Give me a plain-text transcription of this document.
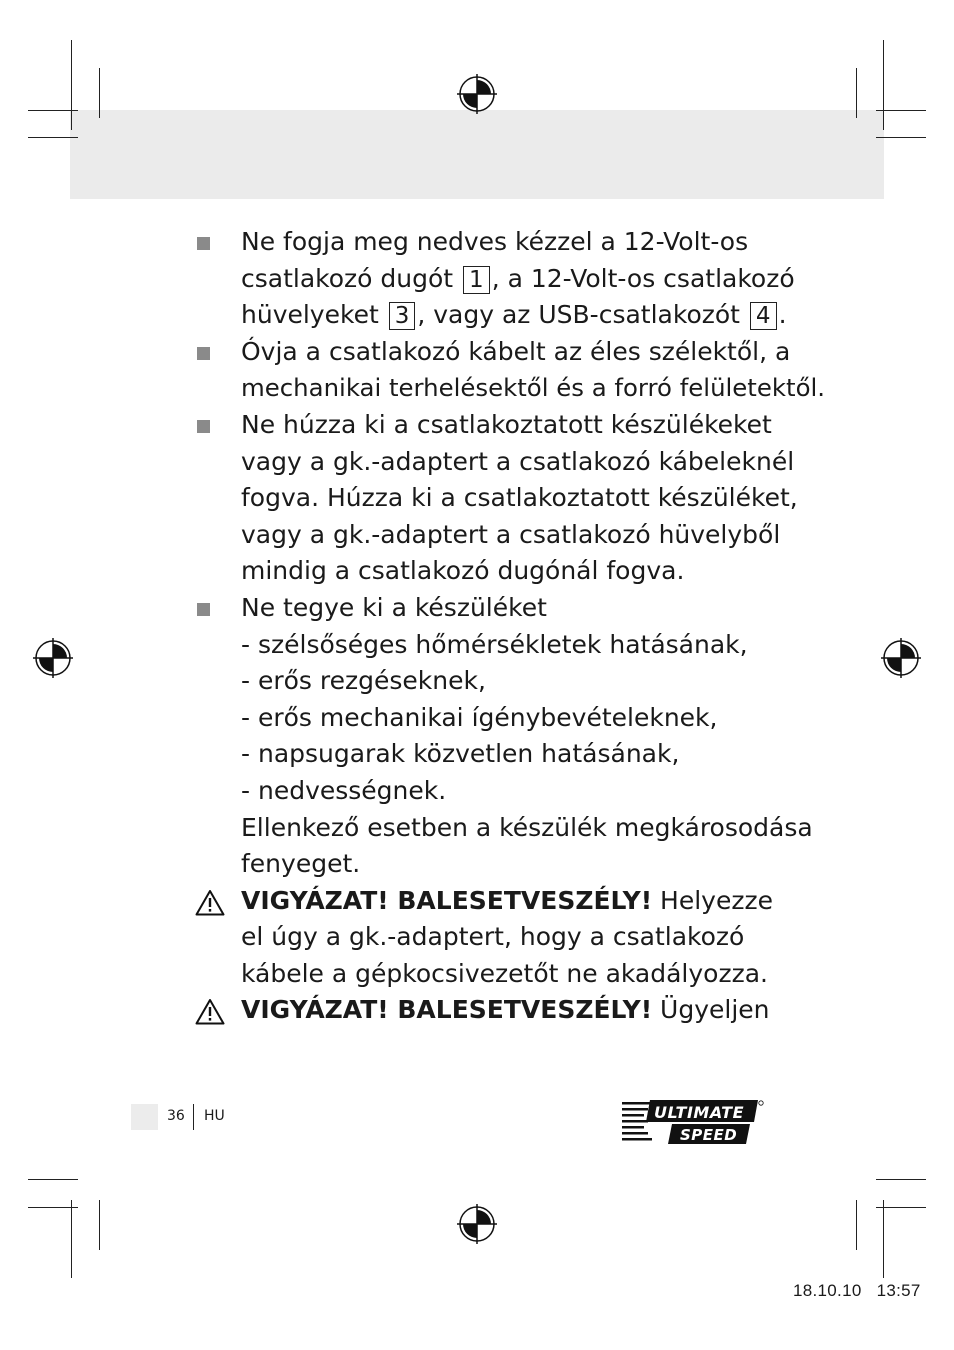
Ne fogja meg nedves kézzel a 12-Volt-os
csatlakozó dugót 1 , a 12-Volt-os csatlakozó
hüvelyeket 3 , vagy az USB-csatlakozót 4 .
Óvja a csatlakozó kábelt az éles szélektől, a
mechanikai terhelésektől és a forró felületektől.
Ne húzza ki a csatlakoztatott készülékeket
vagy a gk.-adaptert a csatlakozó kábeleknél
fogva. Húzza ki a csatlakoztatott készüléket,
vagy a gk.-adaptert a csatlakozó hüvelyből
mindig a csatlakozó dugónál fogva.
Ne tegye ki a készüléket
- szélsőséges hőmérsékletek hatásának,
- erős rezgéseknek,
- erős mechanikai ígénybevételeknek,
- napsugarak közvetlen hatásának,
- nedvességnek.
Ellenkező esetben a készülék megkárosodása
fenyeget.
VIGYÁZAT! BALESETVESZÉLY! Helyezze
el úgy a gk.-adaptert, hogy a csatlakozó
kábele a gépkocsivezetőt ne akadályozza.
VIGYÁZAT! BALESETVESZÉLY! Ügyeljen
36 HU	ULTIMATE
SPEED
18.10.10   13:57
